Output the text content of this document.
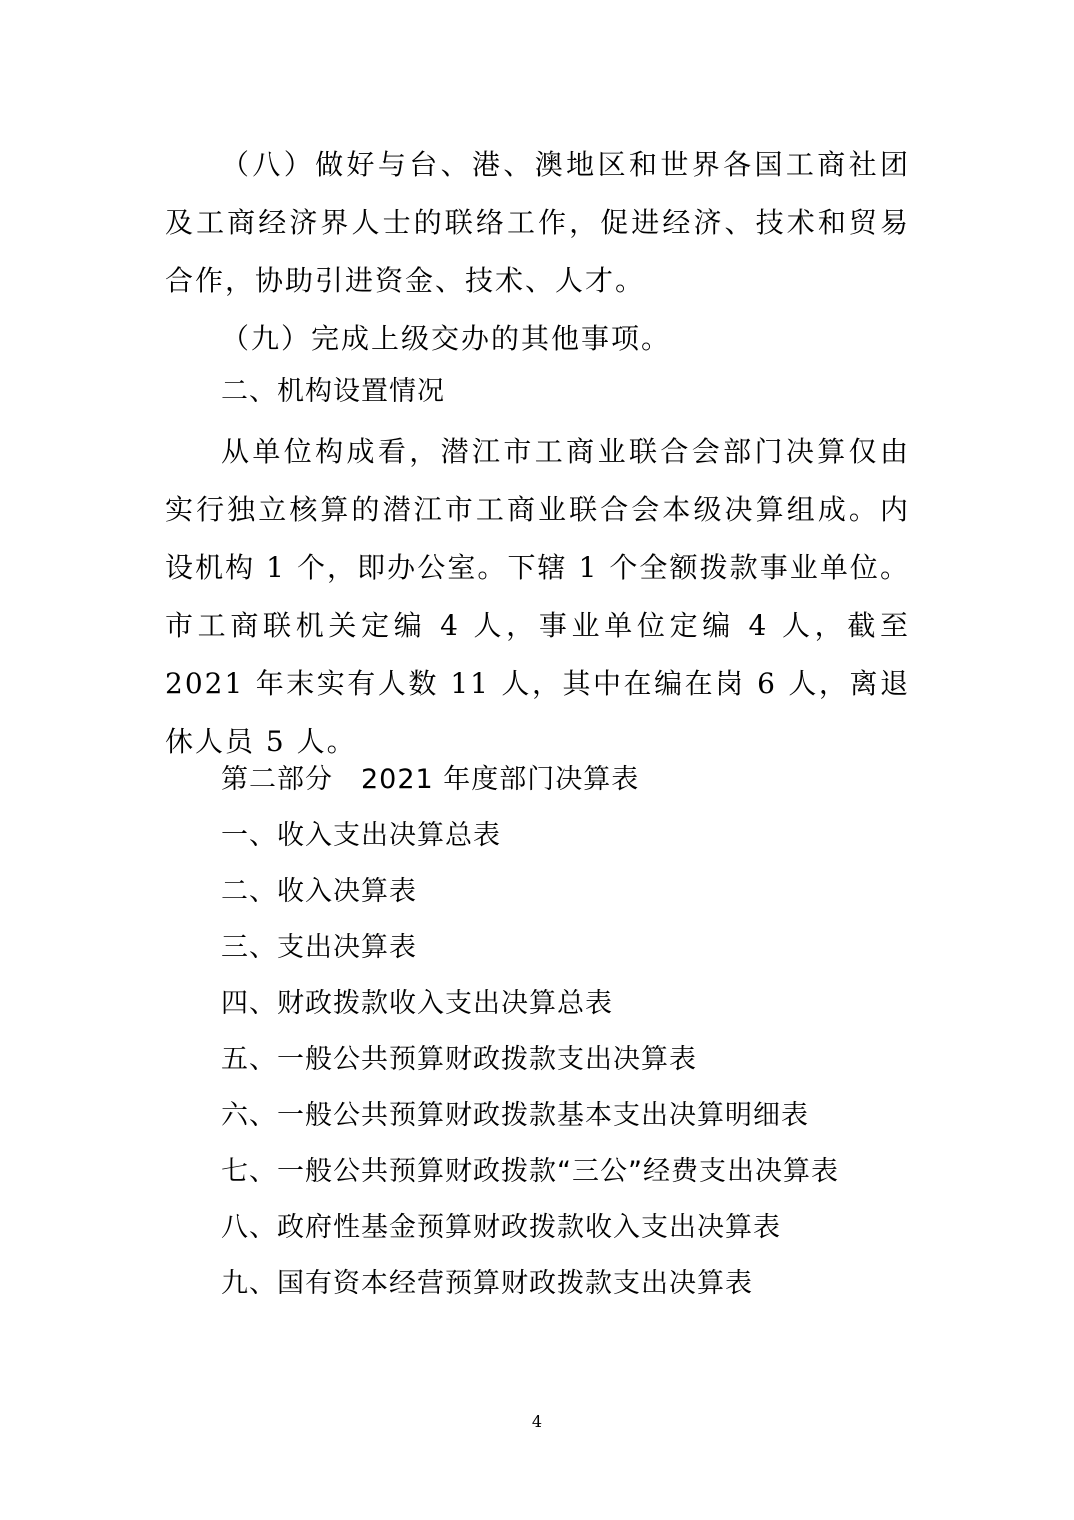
（八）做好与台、港、澳地区和世界各国工商社团及工商经济界人士的联络工作，促进经济、技术和贸易合作，协助引进资金、技术、人才。

（九）完成上级交办的其他事项。

二、机构设置情况

从单位构成看，潜江市工商业联合会部门决算仅由实行独立核算的潜江市工商业联合会本级决算组成。内设机构 1 个，即办公室。下辖 1 个全额拨款事业单位。市工商联机关定编 4 人，事业单位定编 4 人，截至 2021 年末实有人数 11 人，其中在编在岗 6 人，离退休人员 5 人。

第二部分　2021 年度部门决算表

一、收入支出决算总表

二、收入决算表

三、支出决算表

四、财政拨款收入支出决算总表

五、一般公共预算财政拨款支出决算表

六、一般公共预算财政拨款基本支出决算明细表

七、一般公共预算财政拨款“三公”经费支出决算表

八、政府性基金预算财政拨款收入支出决算表

九、国有资本经营预算财政拨款支出决算表

4
